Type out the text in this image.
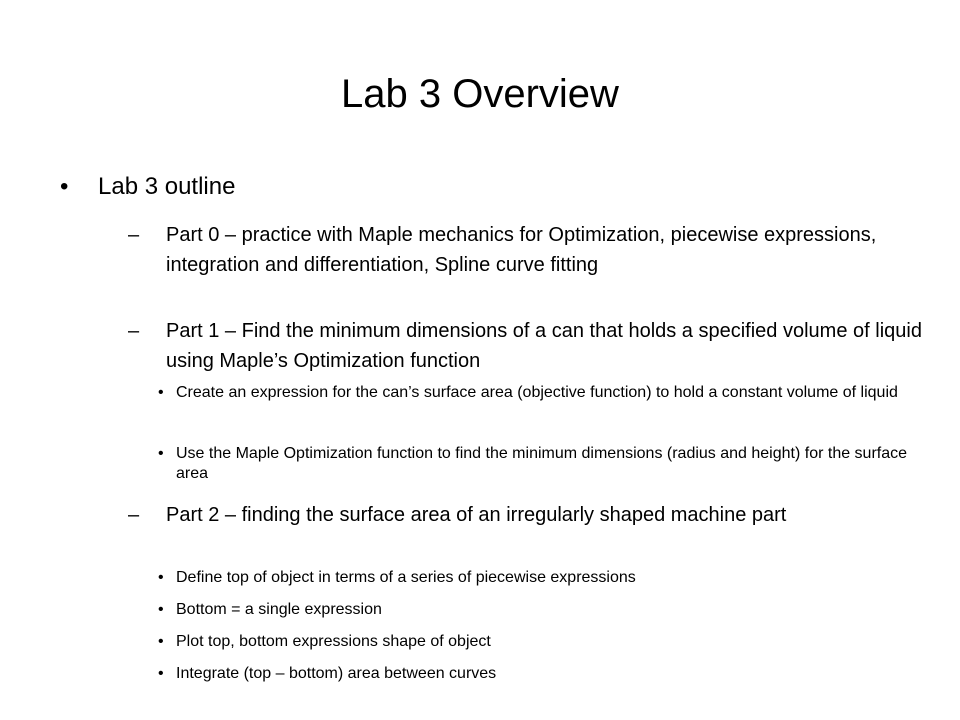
Lab 3 Overview
•	Lab 3 outline
– Part 0 – practice with Maple mechanics for Optimization, piecewise expressions, integration and differentiation, Spline curve fitting
– Part 1 – Find the minimum dimensions of a can that holds a specified volume of liquid using Maple’s Optimization function
• Create an expression for the can’s surface area (objective function) to hold a constant volume of liquid
• Use the Maple Optimization function to find the minimum dimensions (radius and height) for the surface area
– Part 2 – finding the surface area of an irregularly shaped machine part
• Define top of object in terms of a series of piecewise expressions
• Bottom = a single expression
• Plot top, bottom expressions shape of object
• Integrate (top – bottom) area between curves
